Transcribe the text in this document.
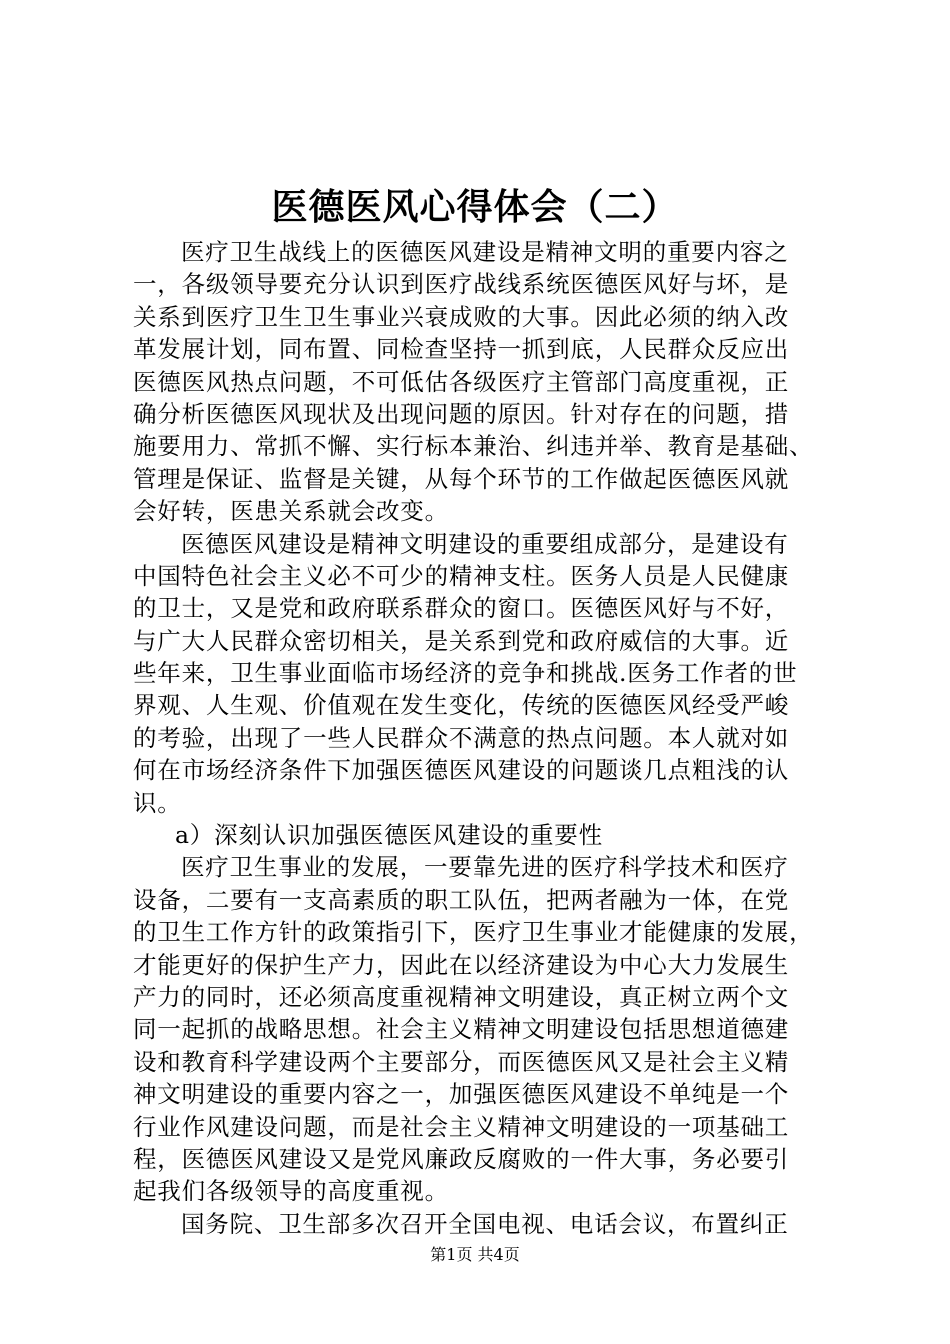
医德医风心得体会（二）
医疗卫生战线上的医德医风建设是精神文明的重要内容之
一，各级领导要充分认识到医疗战线系统医德医风好与坏，是
关系到医疗卫生卫生事业兴衰成败的大事。因此必须的纳入改
革发展计划，同布置、同检查坚持一抓到底，人民群众反应出
医德医风热点问题，不可低估各级医疗主管部门高度重视，正
确分析医德医风现状及出现问题的原因。针对存在的问题，措
施要用力、常抓不懈、实行标本兼治、纠违并举、教育是基础、
管理是保证、监督是关键，从每个环节的工作做起医德医风就
会好转，医患关系就会改变。
医德医风建设是精神文明建设的重要组成部分，是建设有
中国特色社会主义必不可少的精神支柱。医务人员是人民健康
的卫士，又是党和政府联系群众的窗口。医德医风好与不好，
与广大人民群众密切相关，是关系到党和政府威信的大事。近
些年来，卫生事业面临市场经济的竞争和挑战.医务工作者的世
界观、人生观、价值观在发生变化，传统的医德医风经受严峻
的考验，出现了一些人民群众不满意的热点问题。本人就对如
何在市场经济条件下加强医德医风建设的问题谈几点粗浅的认
识。
a）深刻认识加强医德医风建设的重要性
医疗卫生事业的发展，一要靠先进的医疗科学技术和医疗
设备，二要有一支高素质的职工队伍，把两者融为一体，在党
的卫生工作方针的政策指引下，医疗卫生事业才能健康的发展，
才能更好的保护生产力，因此在以经济建设为中心大力发展生
产力的同时，还必须高度重视精神文明建设，真正树立两个文
同一起抓的战略思想。社会主义精神文明建设包括思想道德建
设和教育科学建设两个主要部分，而医德医风又是社会主义精
神文明建设的重要内容之一，加强医德医风建设不单纯是一个
行业作风建设问题，而是社会主义精神文明建设的一项基础工
程，医德医风建设又是党风廉政反腐败的一件大事，务必要引
起我们各级领导的高度重视。
国务院、卫生部多次召开全国电视、电话会议，布置纠正
第1页 共4页
